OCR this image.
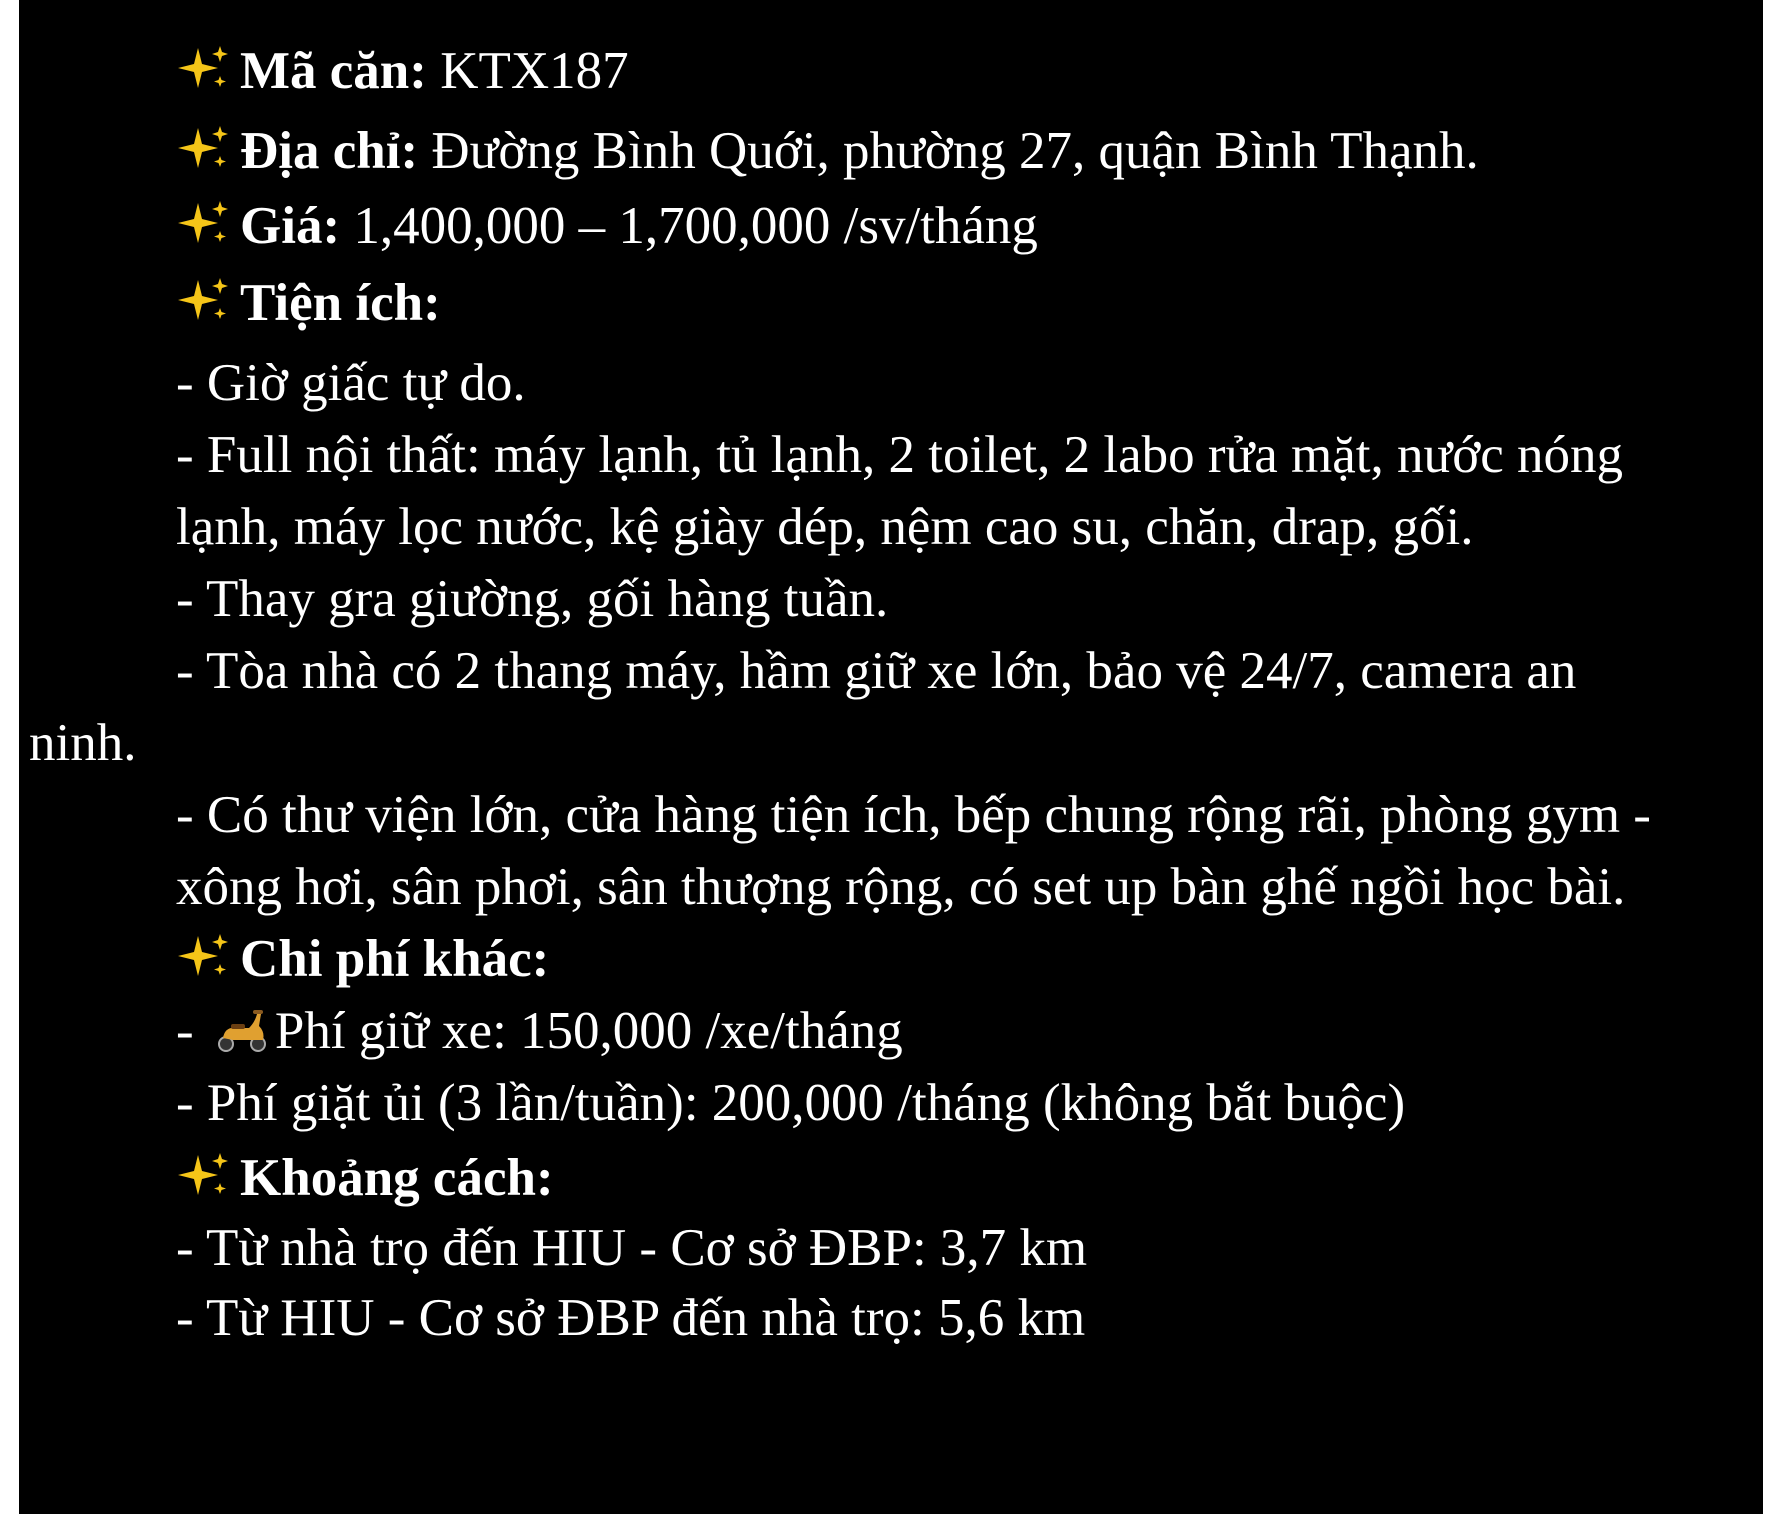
Mã căn: KTX187
Địa chỉ: Đường Bình Quới, phường 27, quận Bình Thạnh.
Giá: 1,400,000 – 1,700,000 /sv/tháng
Tiện ích:
- Giờ giấc tự do.
- Full nội thất: máy lạnh, tủ lạnh, 2 toilet, 2 labo rửa mặt, nước nóng
lạnh, máy lọc nước, kệ giày dép, nệm cao su, chăn, drap, gối.
- Thay gra giường, gối hàng tuần.
- Tòa nhà có 2 thang máy, hầm giữ xe lớn, bảo vệ 24/7, camera an
ninh.
- Có thư viện lớn, cửa hàng tiện ích, bếp chung rộng rãi, phòng gym -
xông hơi, sân phơi, sân thượng rộng, có set up bàn ghế ngồi học bài.
Chi phí khác:
- Phí giữ xe: 150,000 /xe/tháng
- Phí giặt ủi (3 lần/tuần): 200,000 /tháng (không bắt buộc)
Khoảng cách:
- Từ nhà trọ đến HIU - Cơ sở ĐBP: 3,7 km
- Từ HIU - Cơ sở ĐBP đến nhà trọ: 5,6 km
